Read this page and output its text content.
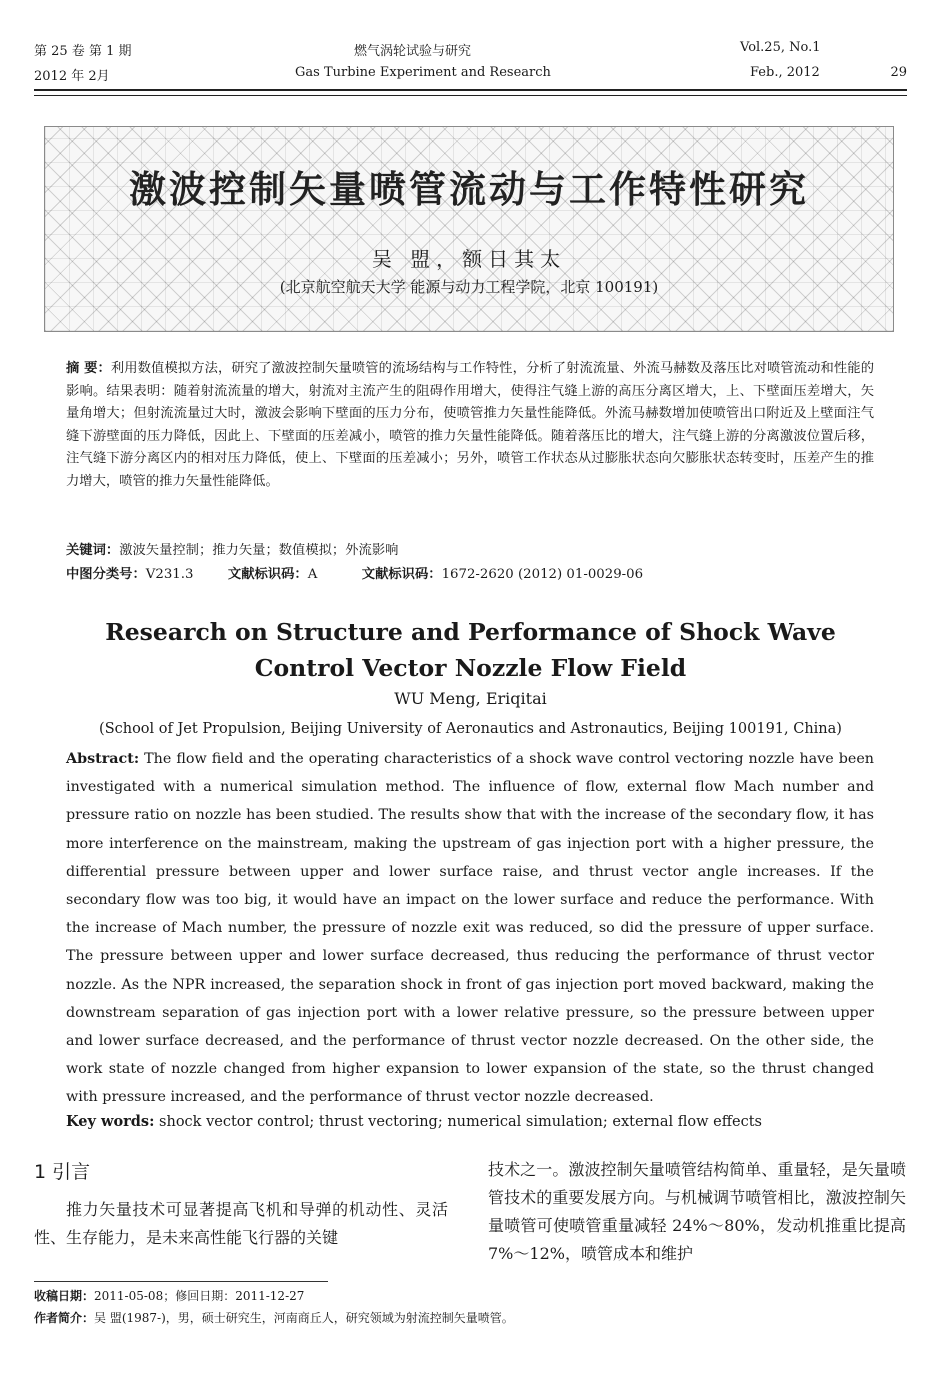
第 25 卷 第 1 期
2012 年 2月
燃气涡轮试验与研究
Gas Turbine Experiment and Research
Vol.25, No.1
Feb., 2012	29
激波控制矢量喷管流动与工作特性研究
吴 盟，额日其太
(北京航空航天大学 能源与动力工程学院，北京 100191)
摘 要：利用数值模拟方法，研究了激波控制矢量喷管的流场结构与工作特性，分析了射流流量、外流马赫数及落压比对喷管流动和性能的影响。结果表明：随着射流流量的增大，射流对主流产生的阻碍作用增大，使得注气缝上游的高压分离区增大，上、下壁面压差增大，矢量角增大；但射流流量过大时，激波会影响下壁面的压力分布，使喷管推力矢量性能降低。外流马赫数增加使喷管出口附近及上壁面注气缝下游壁面的压力降低，因此上、下壁面的压差减小，喷管的推力矢量性能降低。随着落压比的增大，注气缝上游的分离激波位置后移，注气缝下游分离区内的相对压力降低，使上、下壁面的压差减小；另外，喷管工作状态从过膨胀状态向欠膨胀状态转变时，压差产生的推力增大，喷管的推力矢量性能降低。
关键词：激波矢量控制；推力矢量；数值模拟；外流影响
中图分类号：V231.3	文献标识码：A	文献标识码：1672-2620 (2012) 01-0029-06
Research on Structure and Performance of Shock Wave Control Vector Nozzle Flow Field
WU Meng, Eriqitai
(School of Jet Propulsion, Beijing University of Aeronautics and Astronautics, Beijing 100191, China)
Abstract: The flow field and the operating characteristics of a shock wave control vectoring nozzle have been investigated with a numerical simulation method. The influence of flow, external flow Mach number and pressure ratio on nozzle has been studied. The results show that with the increase of the secondary flow, it has more interference on the mainstream, making the upstream of gas injection port with a higher pressure, the differential pressure between upper and lower surface raise, and thrust vector angle increases. If the secondary flow was too big, it would have an impact on the lower surface and reduce the performance. With the increase of Mach number, the pressure of nozzle exit was reduced, so did the pressure of upper surface. The pressure between upper and lower surface decreased, thus reducing the performance of thrust vector nozzle. As the NPR increased, the separation shock in front of gas injection port moved backward, making the downstream separation of gas injection port with a lower relative pressure, so the pressure between upper and lower surface decreased, and the performance of thrust vector nozzle decreased. On the other side, the work state of nozzle changed from higher expansion to lower expansion of the state, so the thrust changed with pressure increased, and the performance of thrust vector nozzle decreased.
Key words: shock vector control; thrust vectoring; numerical simulation; external flow effects
1 引言
推力矢量技术可显著提高飞机和导弹的机动性、灵活性、生存能力，是未来高性能飞行器的关键
技术之一。激波控制矢量喷管结构简单、重量轻，是矢量喷管技术的重要发展方向。与机械调节喷管相比，激波控制矢量喷管可使喷管重量减轻 24%～80%，发动机推重比提高 7%～12%，喷管成本和维护
收稿日期：2011-05-08；修回日期：2011-12-27
作者简介：吴 盟(1987-)，男，硕士研究生，河南商丘人，研究领域为射流控制矢量喷管。
